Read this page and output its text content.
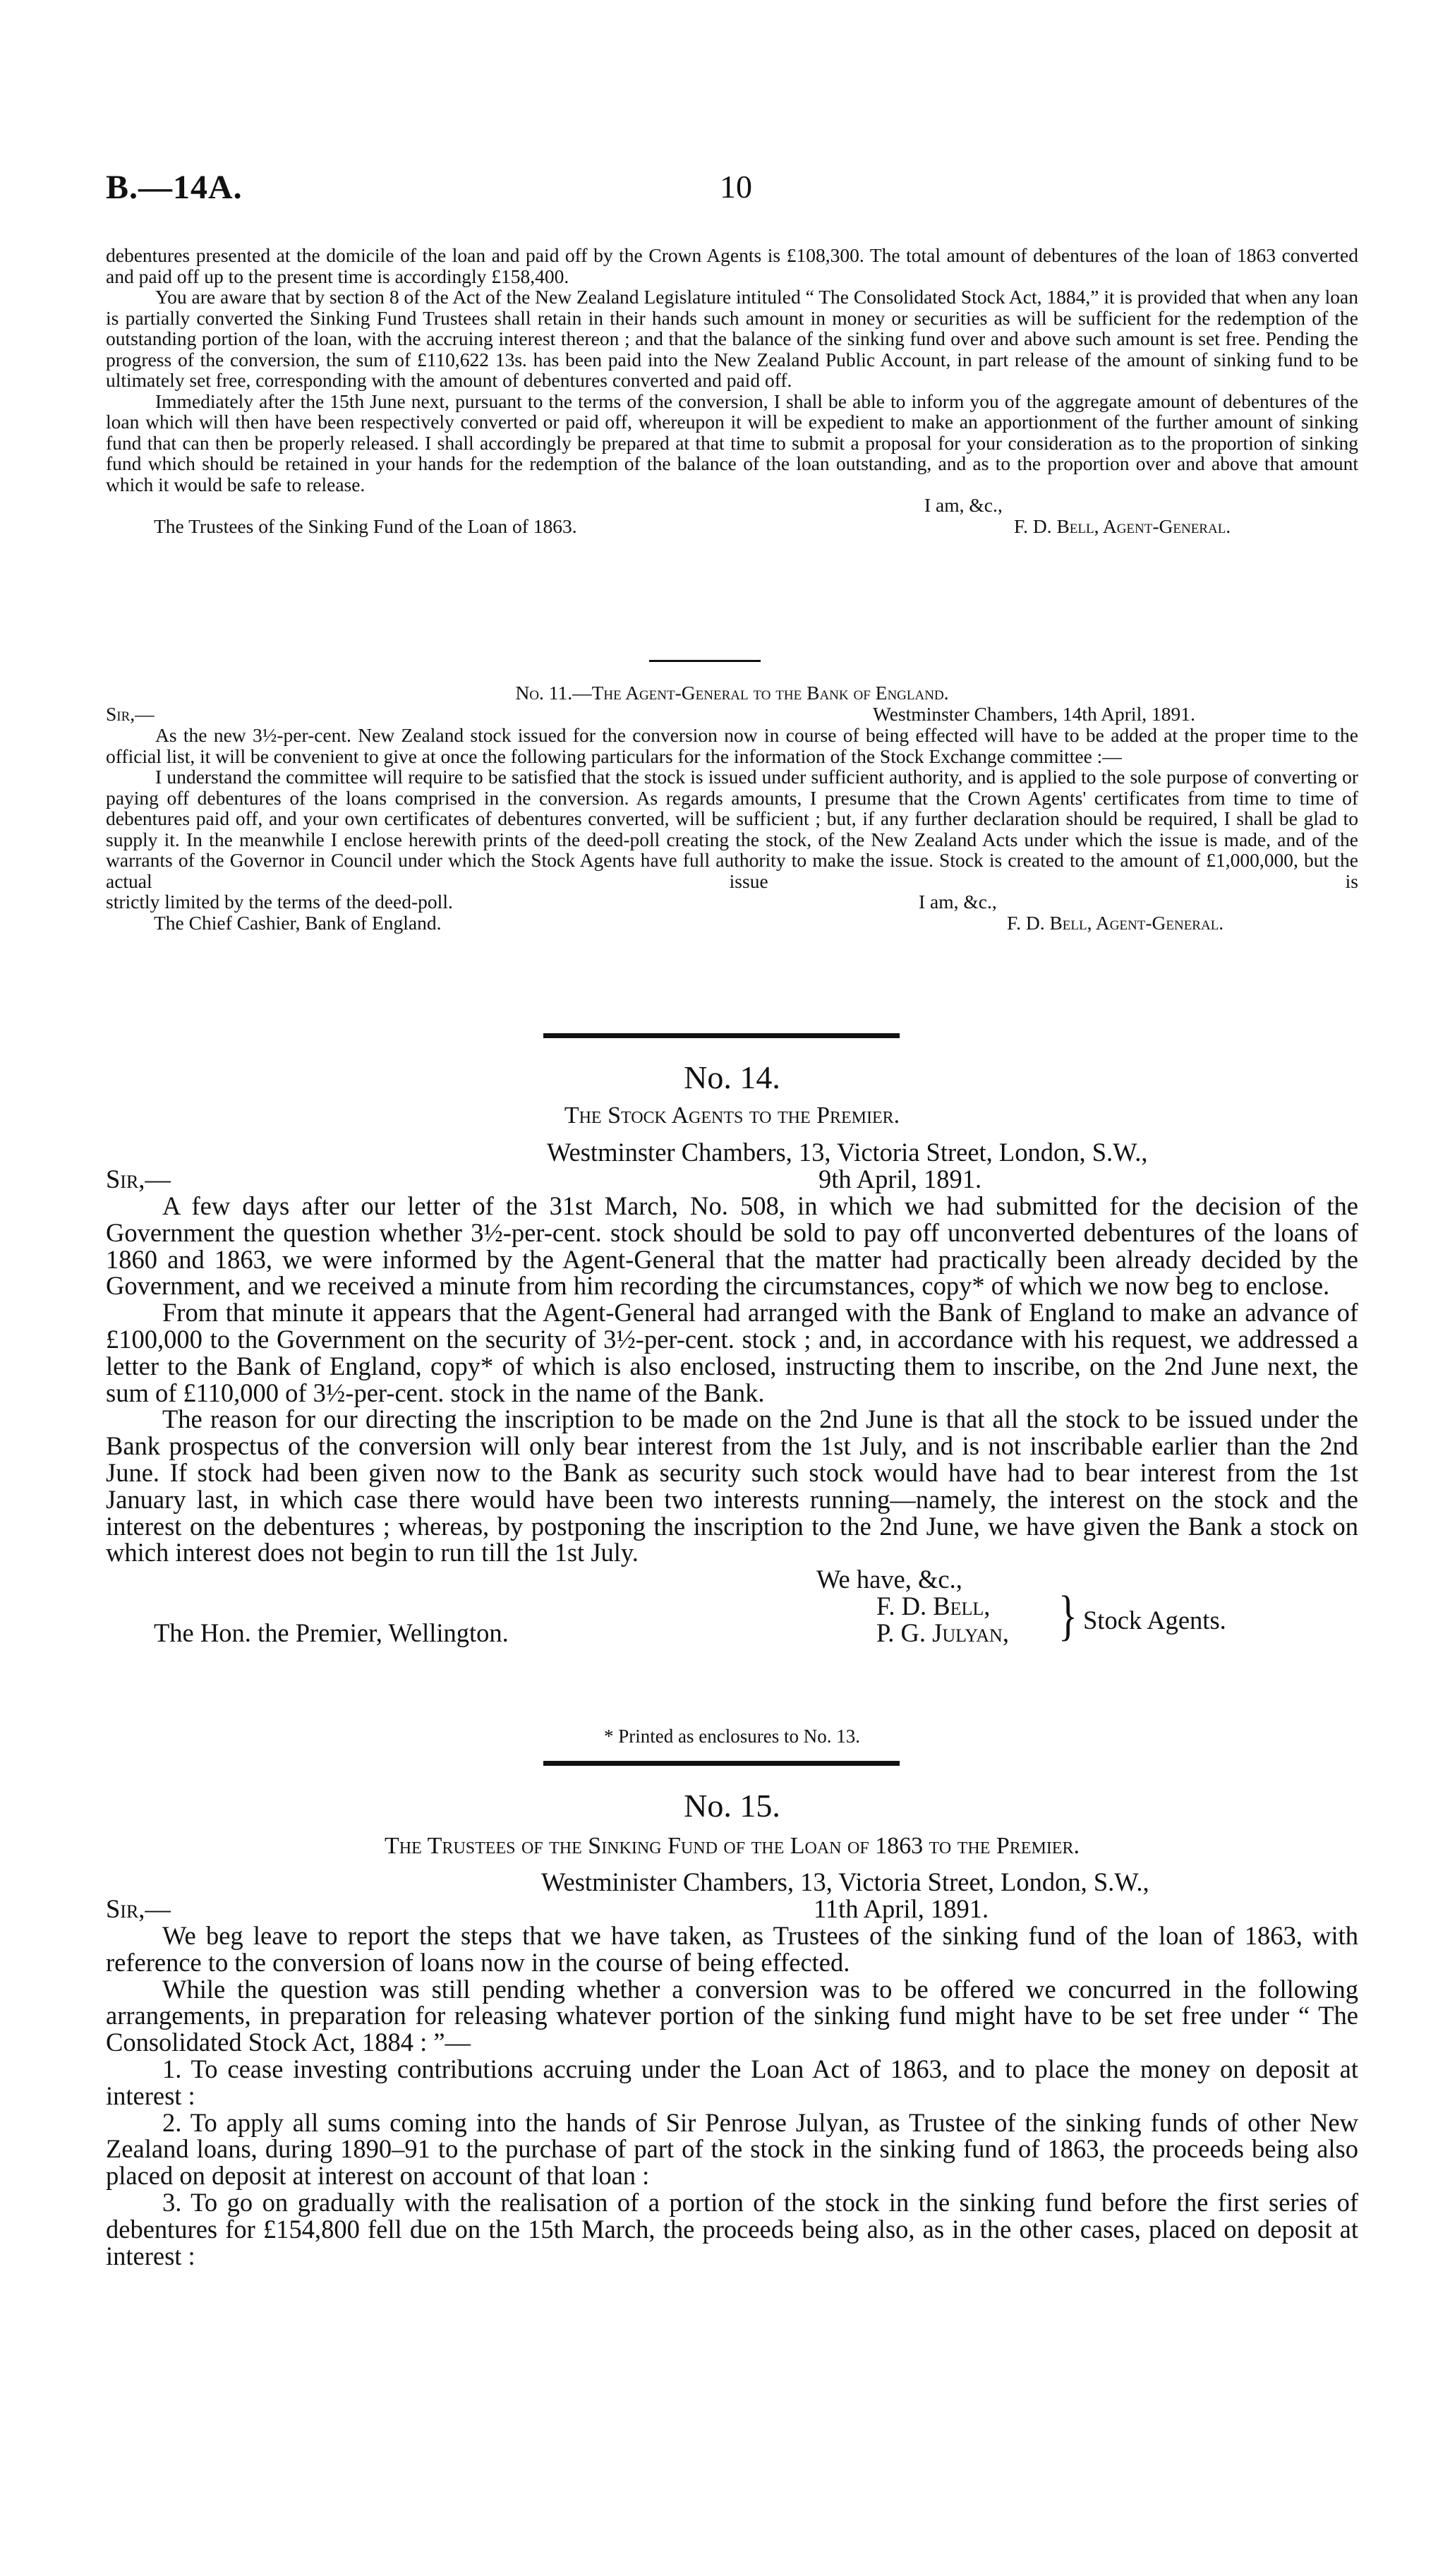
B.—14A.	10

debentures presented at the domicile of the loan and paid off by the Crown Agents is £108,300. The total amount of debentures of the loan of 1863 converted and paid off up to the present time is accordingly £158,400.

You are aware that by section 8 of the Act of the New Zealand Legislature intituled “ The Consolidated Stock Act, 1884,” it is provided that when any loan is partially converted the Sinking Fund Trustees shall retain in their hands such amount in money or securities as will be sufficient for the redemption of the outstanding portion of the loan, with the accruing interest thereon ; and that the balance of the sinking fund over and above such amount is set free. Pending the progress of the conversion, the sum of £110,622 13s. has been paid into the New Zealand Public Account, in part release of the amount of sinking fund to be ultimately set free, corresponding with the amount of debentures converted and paid off.

Immediately after the 15th June next, pursuant to the terms of the conversion, I shall be able to inform you of the aggregate amount of debentures of the loan which will then have been respectively converted or paid off, whereupon it will be expedient to make an apportionment of the further amount of sinking fund that can then be properly released. I shall accordingly be prepared at that time to submit a proposal for your consideration as to the proportion of sinking fund which should be retained in your hands for the redemption of the balance of the loan outstanding, and as to the proportion over and above that amount which it would be safe to release.

I am, &c.,
The Trustees of the Sinking Fund of the Loan of 1863.	F. D. Bell, Agent-General.
No. 11.—The Agent-General to the Bank of England.
Sir,—	Westminster Chambers, 14th April, 1891.

As the new 3½-per-cent. New Zealand stock issued for the conversion now in course of being effected will have to be added at the proper time to the official list, it will be convenient to give at once the following particulars for the information of the Stock Exchange committee :—

I understand the committee will require to be satisfied that the stock is issued under sufficient authority, and is applied to the sole purpose of converting or paying off debentures of the loans comprised in the conversion. As regards amounts, I presume that the Crown Agents' certificates from time to time of debentures paid off, and your own certificates of debentures converted, will be sufficient ; but, if any further declaration should be required, I shall be glad to supply it. In the meanwhile I enclose herewith prints of the deed-poll creating the stock, of the New Zealand Acts under which the issue is made, and of the warrants of the Governor in Council under which the Stock Agents have full authority to make the issue. Stock is created to the amount of £1,000,000, but the actual issue is

strictly limited by the terms of the deed-poll.	I am, &c.,
The Chief Cashier, Bank of England.	F. D. Bell, Agent-General.
No. 14.
The Stock Agents to the Premier.
Westminster Chambers, 13, Victoria Street, London, S.W.,
Sir,—	9th April, 1891.

A few days after our letter of the 31st March, No. 508, in which we had submitted for the decision of the Government the question whether 3½-per-cent. stock should be sold to pay off unconverted debentures of the loans of 1860 and 1863, we were informed by the Agent-General that the matter had practically been already decided by the Government, and we received a minute from him recording the circumstances, copy* of which we now beg to enclose.

From that minute it appears that the Agent-General had arranged with the Bank of England to make an advance of £100,000 to the Government on the security of 3½-per-cent. stock ; and, in accordance with his request, we addressed a letter to the Bank of England, copy* of which is also enclosed, instructing them to inscribe, on the 2nd June next, the sum of £110,000 of 3½-per-cent. stock in the name of the Bank.

The reason for our directing the inscription to be made on the 2nd June is that all the stock to be issued under the Bank prospectus of the conversion will only bear interest from the 1st July, and is not inscribable earlier than the 2nd June. If stock had been given now to the Bank as security such stock would have had to bear interest from the 1st January last, in which case there would have been two interests running—namely, the interest on the stock and the interest on the debentures ; whereas, by postponing the inscription to the 2nd June, we have given the Bank a stock on which interest does not begin to run till the 1st July.

We have, &c.,
F. D. Bell,
P. G. Julyan,
The Hon. the Premier, Wellington.	} Stock Agents.
* Printed as enclosures to No. 13.
No. 15.
The Trustees of the Sinking Fund of the Loan of 1863 to the Premier.
Westminister Chambers, 13, Victoria Street, London, S.W.,
Sir,—	11th April, 1891.

We beg leave to report the steps that we have taken, as Trustees of the sinking fund of the loan of 1863, with reference to the conversion of loans now in the course of being effected.

While the question was still pending whether a conversion was to be offered we concurred in the following arrangements, in preparation for releasing whatever portion of the sinking fund might have to be set free under “ The Consolidated Stock Act, 1884 : ”—

1. To cease investing contributions accruing under the Loan Act of 1863, and to place the money on deposit at interest :

2. To apply all sums coming into the hands of Sir Penrose Julyan, as Trustee of the sinking funds of other New Zealand loans, during 1890–91 to the purchase of part of the stock in the sinking fund of 1863, the proceeds being also placed on deposit at interest on account of that loan :

3. To go on gradually with the realisation of a portion of the stock in the sinking fund before the first series of debentures for £154,800 fell due on the 15th March, the proceeds being also, as in the other cases, placed on deposit at interest :
